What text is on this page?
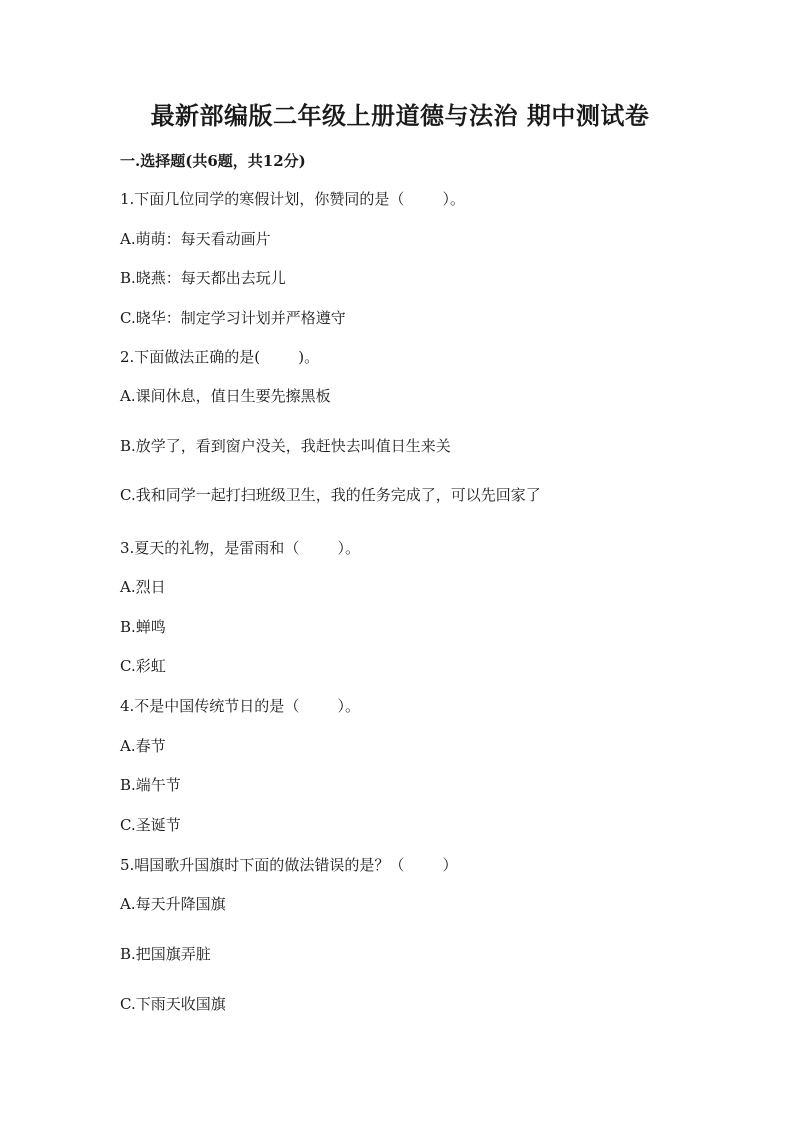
最新部编版二年级上册道德与法治 期中测试卷
一.选择题(共6题，共12分)
1.下面几位同学的寒假计划，你赞同的是（        ）。
A.萌萌：每天看动画片
B.晓燕：每天都出去玩儿
C.晓华：制定学习计划并严格遵守
2.下面做法正确的是(        )。
A.课间休息，值日生要先擦黑板
B.放学了，看到窗户没关，我赶快去叫值日生来关
C.我和同学一起打扫班级卫生，我的任务完成了，可以先回家了
3.夏天的礼物，是雷雨和（        ）。
A.烈日
B.蝉鸣
C.彩虹
4.不是中国传统节日的是（        ）。
A.春节
B.端午节
C.圣诞节
5.唱国歌升国旗时下面的做法错误的是？（        ）
A.每天升降国旗
B.把国旗弄脏
C.下雨天收国旗
